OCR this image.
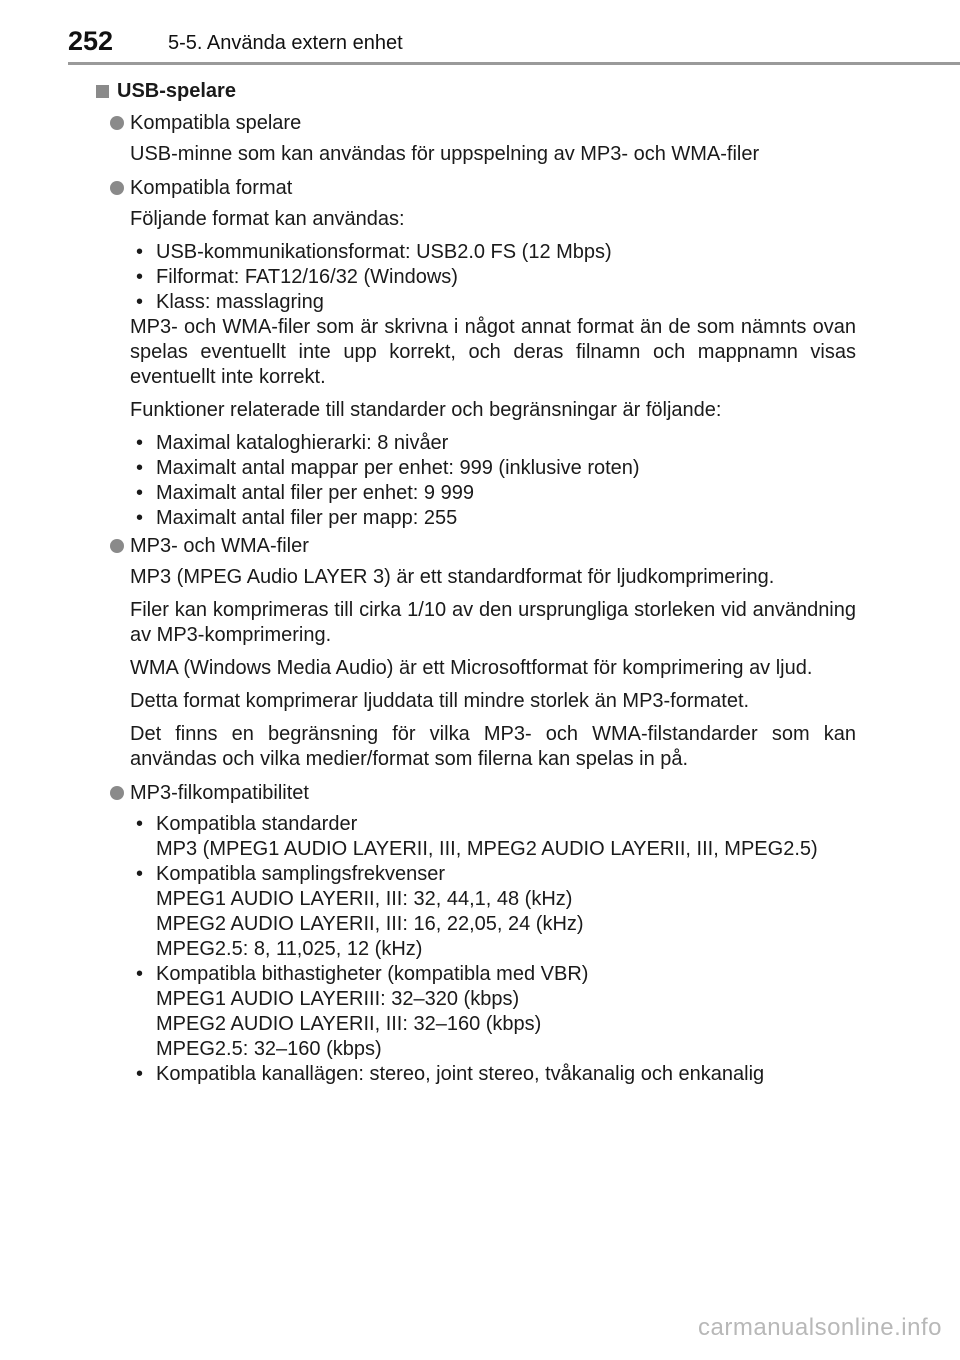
252	5-5. Använda extern enhet
USB-spelare
Kompatibla spelare
USB-minne som kan användas för uppspelning av MP3- och WMA-filer
Kompatibla format
Följande format kan användas:
• USB-kommunikationsformat: USB2.0 FS (12 Mbps)
• Filformat: FAT12/16/32 (Windows)
• Klass: masslagring
MP3- och WMA-filer som är skrivna i något annat format än de som nämnts ovan spelas eventuellt inte upp korrekt, och deras filnamn och mappnamn visas eventuellt inte korrekt.
Funktioner relaterade till standarder och begränsningar är följande:
• Maximal kataloghierarki: 8 nivåer
• Maximalt antal mappar per enhet: 999 (inklusive roten)
• Maximalt antal filer per enhet: 9 999
• Maximalt antal filer per mapp: 255
MP3- och WMA-filer
MP3 (MPEG Audio LAYER 3) är ett standardformat för ljudkomprimering.
Filer kan komprimeras till cirka 1/10 av den ursprungliga storleken vid användning av MP3-komprimering.
WMA (Windows Media Audio) är ett Microsoftformat för komprimering av ljud.
Detta format komprimerar ljuddata till mindre storlek än MP3-formatet.
Det finns en begränsning för vilka MP3- och WMA-filstandarder som kan användas och vilka medier/format som filerna kan spelas in på.
MP3-filkompatibilitet
• Kompatibla standarder
MP3 (MPEG1 AUDIO LAYERII, III, MPEG2 AUDIO LAYERII, III, MPEG2.5)
• Kompatibla samplingsfrekvenser
MPEG1 AUDIO LAYERII, III: 32, 44,1, 48 (kHz)
MPEG2 AUDIO LAYERII, III: 16, 22,05, 24 (kHz)
MPEG2.5: 8, 11,025, 12 (kHz)
• Kompatibla bithastigheter (kompatibla med VBR)
MPEG1 AUDIO LAYERIII: 32–320 (kbps)
MPEG2 AUDIO LAYERII, III: 32–160 (kbps)
MPEG2.5: 32–160 (kbps)
• Kompatibla kanallägen: stereo, joint stereo, tvåkanalig och enkanalig
carmanualsonline.info
